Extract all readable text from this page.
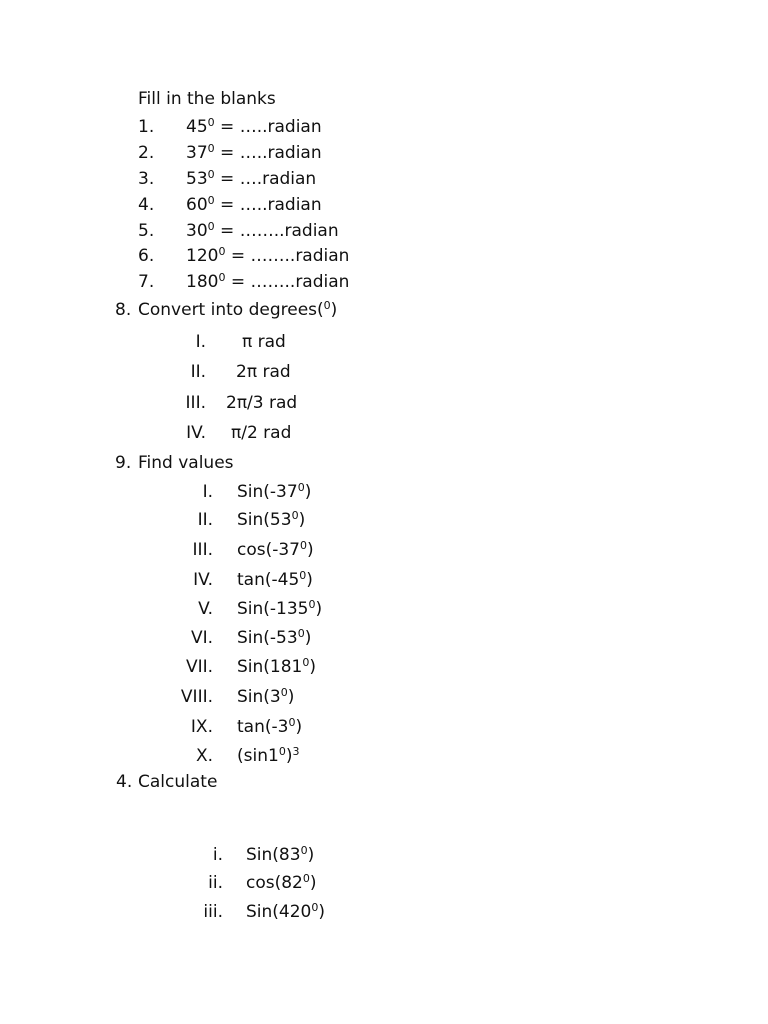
Fill in the blanks
1. $45^0$ = …..radian
2. $37^0$ = …..radian
3. $53^0$ = ….radian
4. $60^0$ = …..radian
5. $30^0$ = ……..radian
6. $120^0$ = ……..radian
7. $180^0$ = ……..radian
8. Convert into degrees($^0$)
I. π rad
II. 2π rad
III. 2π/3 rad
IV. π/2 rad
9. Find values
I. $Sin(-37^0)$
II. $Sin(53^0)$
III. $\cos(-37^0)$
IV. $\tan(-45^0)$
V. $Sin(-135^0)$
VI. $Sin(-53^0)$
VII. $Sin(181^0)$
VIII. $Sin(3^0)$
IX. $\tan(-3^0)$
X. $(\sin 1^0)^3$
4. Calculate
i. $Sin(83^0)$
ii. $\cos(82^0)$
iii. $Sin(420^0)$
